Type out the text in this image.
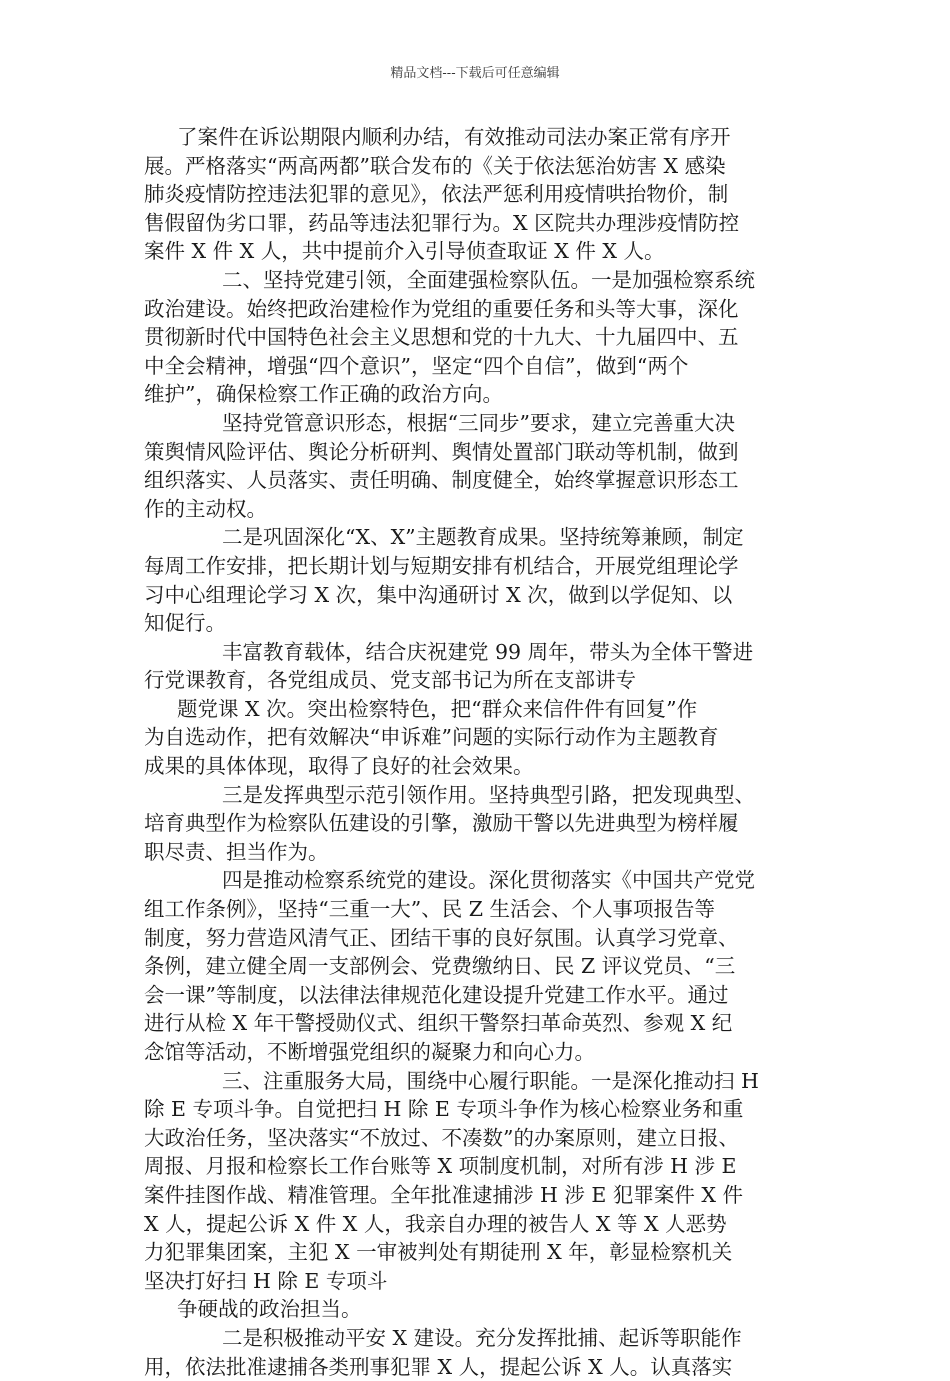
精品文档---下载后可任意编辑
了案件在诉讼期限内顺利办结，有效推动司法办案正常有序开
展。严格落实“两高两都”联合发布的《关于依法惩治妨害 X 感染
肺炎疫情防控违法犯罪的意见》，依法严惩利用疫情哄抬物价，制
售假留伪劣口罪，药品等违法犯罪行为。X 区院共办理涉疫情防控
案件 X 件 X 人，共中提前介入引导侦查取证 X 件 X 人。
二、坚持党建引领，全面建强检察队伍。一是加强检察系统
政治建设。始终把政治建检作为党组的重要任务和头等大事，深化
贯彻新时代中国特色社会主义思想和党的十九大、十九届四中、五
中全会精神，增强“四个意识”，坚定“四个自信”，做到“两个
维护”，确保检察工作正确的政治方向。
坚持党管意识形态，根据“三同步”要求，建立完善重大决
策舆情风险评估、舆论分析研判、舆情处置部门联动等机制，做到
组织落实、人员落实、责任明确、制度健全，始终掌握意识形态工
作的主动权。
二是巩固深化“X、X”主题教育成果。坚持统筹兼顾，制定
每周工作安排，把长期计划与短期安排有机结合，开展党组理论学
习中心组理论学习 X 次，集中沟通研讨 X 次，做到以学促知、以
知促行。
丰富教育载体，结合庆祝建党 99 周年，带头为全体干警进
行党课教育，各党组成员、党支部书记为所在支部讲专
题党课 X 次。突出检察特色，把“群众来信件件有回复”作
为自选动作，把有效解决“申诉难”问题的实际行动作为主题教育
成果的具体体现，取得了良好的社会效果。
三是发挥典型示范引领作用。坚持典型引路，把发现典型、
培育典型作为检察队伍建设的引擎，激励干警以先进典型为榜样履
职尽责、担当作为。
四是推动检察系统党的建设。深化贯彻落实《中国共产党党
组工作条例》，坚持“三重一大”、民 Z 生活会、个人事项报告等
制度，努力营造风清气正、团结干事的良好氛围。认真学习党章、
条例，建立健全周一支部例会、党费缴纳日、民 Z 评议党员、“三
会一课”等制度，以法律法律规范化建设提升党建工作水平。通过
进行从检 X 年干警授勋仪式、组织干警祭扫革命英烈、参观 X 纪
念馆等活动，不断增强党组织的凝聚力和向心力。
三、注重服务大局，围绕中心履行职能。一是深化推动扫 H
除 E 专项斗争。自觉把扫 H 除 E 专项斗争作为核心检察业务和重
大政治任务，坚决落实“不放过、不凑数”的办案原则，建立日报、
周报、月报和检察长工作台账等 X 项制度机制，对所有涉 H 涉 E
案件挂图作战、精准管理。全年批准逮捕涉 H 涉 E 犯罪案件 X 件
X 人，提起公诉 X 件 X 人，我亲自办理的被告人 X 等 X 人恶势
力犯罪集团案，主犯 X 一审被判处有期徒刑 X 年，彰显检察机关
坚决打好扫 H 除 E 专项斗
争硬战的政治担当。
二是积极推动平安 X 建设。充分发挥批捕、起诉等职能作
用，依法批准逮捕各类刑事犯罪 X 人，提起公诉 X 人。认真落实
